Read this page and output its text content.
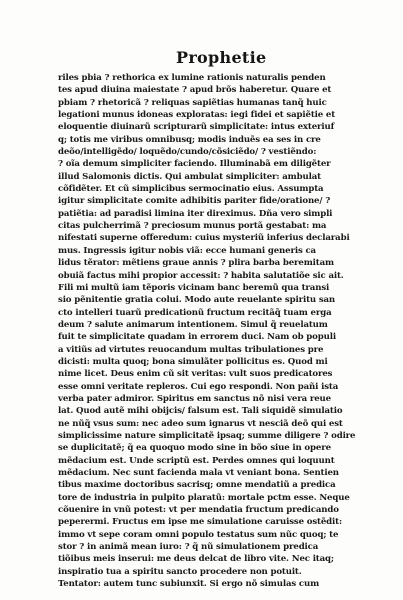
Prophetie
riles pbia ? rethorica ex lumine rationis naturalis penden
tes apud diuina maiestate ? apud brõs haberetur. Quare et
pbiam ? rhetoricã ? reliquas sapiẽtias humanas tanq̃ huic
legationi munus idoneas exploratas: iegi fidei et sapiẽtie et
eloquentie diuinarũ scripturarũ simplicitate: intus exteriuf
q; totis me viribus omnibusq; modis induẽs ea ses in cre
deõo/intelligẽdo/ loquẽdo/cundo/cõsiciẽdo/ ? vestiẽndo:
? oĩa demum simpliciter faciendo. Illuminabã em diligẽter
illud Salomonis dictis. Qui ambulat simpliciter: ambulat
cõfidẽter. Et cũ simplicibus sermocinatio eius. Assumpta
igitur simplicitate comite adhibitis pariter fide/oratione/ ?
patiẽtia: ad paradisi limina iter direximus. Dña vero simpli
citas pulcherrimã ? preciosum munus portã gestabat: ma
nifestati superne offeredum: cuius mysteriũ inferius declarabi
mus. Ingressis igitur nobis viã: ecce humani generis ca
lidus tẽrator: mẽtiens graue annis ? plira barba beremitam
obuiã factus mihi propior accessit: ? habita salutatiõe sic ait.
Fili mi multũ iam tẽporis vicinam banc beremũ qua transi
sio pẽnitentie gratia colui. Modo aute reuelante spiritu san
cto intelleri tuarũ predicationũ fructum recitãq̃ tuam erga
deum ? salute animarum intentionem. Simul q̃ reuelatum
fuit te simplicitate quadam in errorem duci. Nam ob populi
a vitiũs ad virtutes reuocandum multas tribulationes pre
dicisti: multa quoq; bona simulãter pollicitus es. Quod mi
nime licet. Deus enim cũ sit veritas: vult suos predicatores
esse omni veritate repleros. Cui ego respondi. Non pañi ista
verba pater admiror. Spiritus em sanctus nõ nisi vera reue
lat. Quod autẽ mihi obijcis/ falsum est. Tali siquidẽ simulatio
ne nũq̃ vsus sum: nec adeo sum ignarus vt nesciã deõ qui est
simplicissime nature simplicitatẽ ipsaq; summe diligere ? odire
se duplicitatẽ; q̃ ea quoquo modo sine in bõo siue in opere
mẽdacium est. Unde scriptũ est. Perdes omnes qui loquunt
mẽdacium. Nec sunt facienda mala vt veniant bona. Sentien
tibus maxime doctoribus sacrisq; omne mendatiũ a predica
tore de industria in pulpito plaratũ: mortale pctm esse. Neque
cõuenire in vnũ potest: vt per mendatia fructum predicando
peperermi. Fructus em ipse me simulatione caruisse ostẽdit:
immo vt sepe coram omni populo testatus sum nũc quoq; te
stor ? in animã mean iuro: ? q̃ nũ simulationem predica
tiõibus meis inserui: me deus delcat de libro vite. Nec itaq;
inspiratio tua a spiritu sancto procedere non potuit.
Tentator: autem tunc subiunxit. Si ergo nõ simulas cum
